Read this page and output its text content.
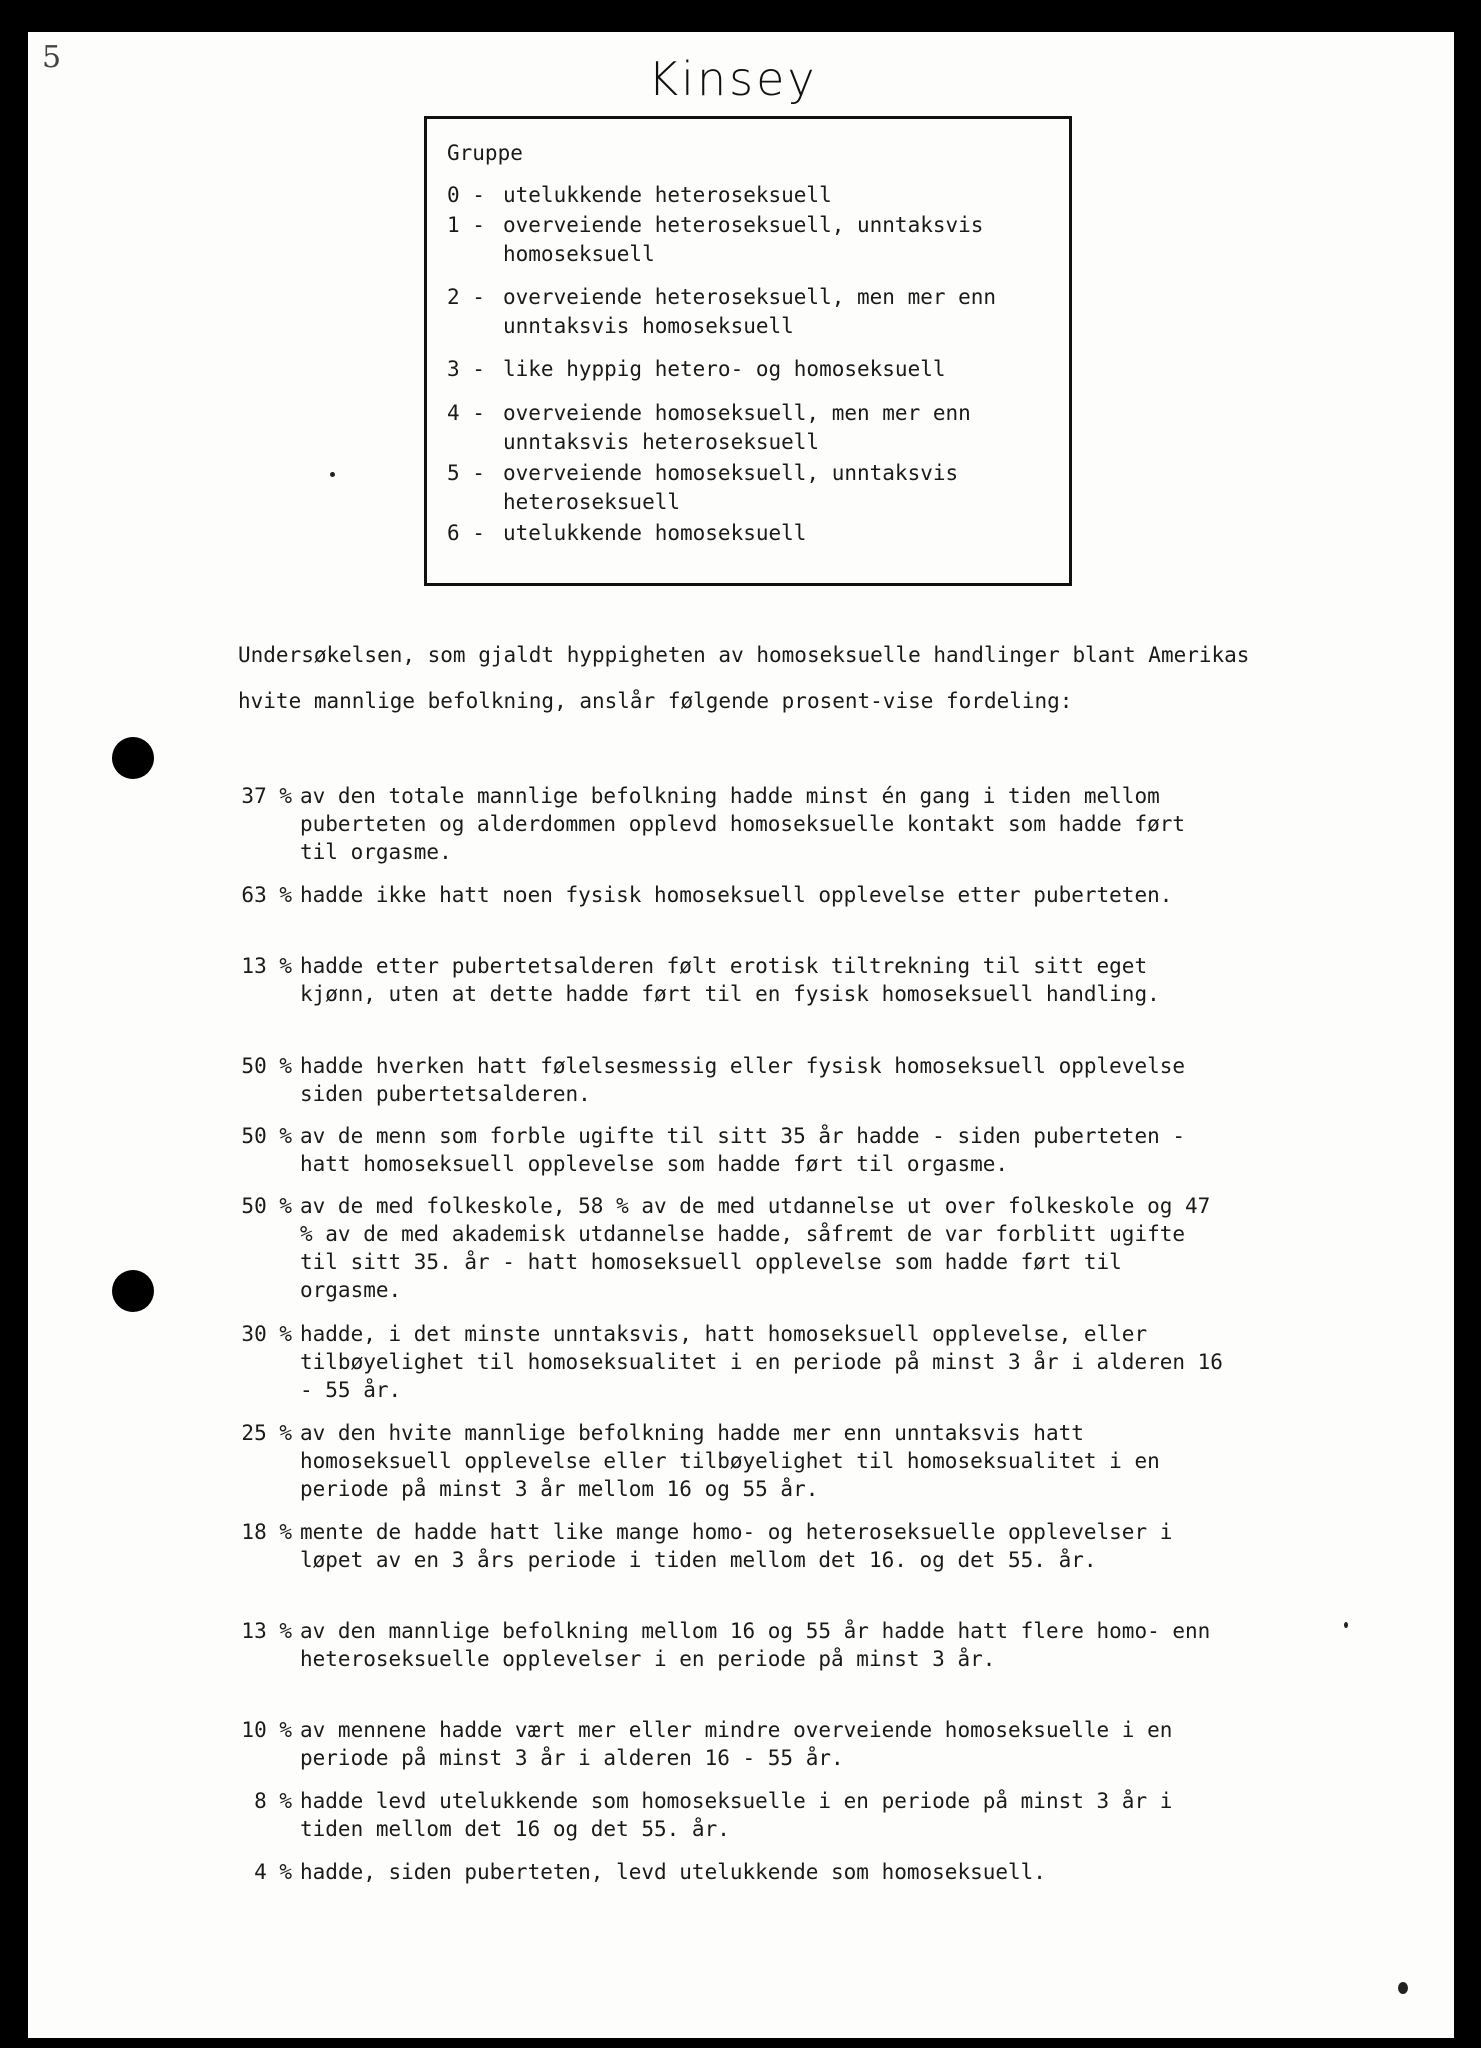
5	Kinsey
Gruppe
0 - utelukkende heteroseksuell
1 - overveiende heteroseksuell, unntaksvis homoseksuell
2 - overveiende heteroseksuell, men mer enn unntaksvis homoseksuell
3 - like hyppig hetero- og homoseksuell
4 - overveiende homoseksuell, men mer enn unntaksvis heteroseksuell
5 - overveiende homoseksuell, unntaksvis heteroseksuell
6 - utelukkende homoseksuell
Undersøkelsen, som gjaldt hyppigheten av homoseksuelle handlinger blant Amerikas hvite mannlige befolkning, anslår følgende prosent-vise fordeling:
37 % av den totale mannlige befolkning hadde minst én gang i tiden mellom puberteten og alderdommen opplevd homoseksuelle kontakt som hadde ført til orgasme.
63 % hadde ikke hatt noen fysisk homoseksuell opplevelse etter puberteten.
13 % hadde etter pubertetsalderen følt erotisk tiltrekning til sitt eget kjønn, uten at dette hadde ført til en fysisk homoseksuell handling.
50 % hadde hverken hatt følelsesmessig eller fysisk homoseksuell opplevelse siden pubertetsalderen.
50 % av de menn som forble ugifte til sitt 35 år hadde - siden puberteten - hatt homoseksuell opplevelse som hadde ført til orgasme.
50 % av de med folkeskole, 58 % av de med utdannelse ut over folkeskole og 47 % av de med akademisk utdannelse hadde, såfremt de var forblitt ugifte til sitt 35. år - hatt homoseksuell opplevelse som hadde ført til orgasme.
30 % hadde, i det minste unntaksvis, hatt homoseksuell opplevelse, eller tilbøyelighet til homoseksualitet i en periode på minst 3 år i alderen 16 - 55 år.
25 % av den hvite mannlige befolkning hadde mer enn unntaksvis hatt homoseksuell opplevelse eller tilbøyelighet til homoseksualitet i en periode på minst 3 år mellom 16 og 55 år.
18 % mente de hadde hatt like mange homo- og heteroseksuelle opplevelser i løpet av en 3 års periode i tiden mellom det 16. og det 55. år.
13 % av den mannlige befolkning mellom 16 og 55 år hadde hatt flere homo- enn heteroseksuelle opplevelser i en periode på minst 3 år.
10 % av mennene hadde vært mer eller mindre overveiende homoseksuelle i en periode på minst 3 år i alderen 16 - 55 år.
8 % hadde levd utelukkende som homoseksuelle i en periode på minst 3 år i tiden mellom det 16 og det 55. år.
4 % hadde, siden puberteten, levd utelukkende som homoseksuell.
